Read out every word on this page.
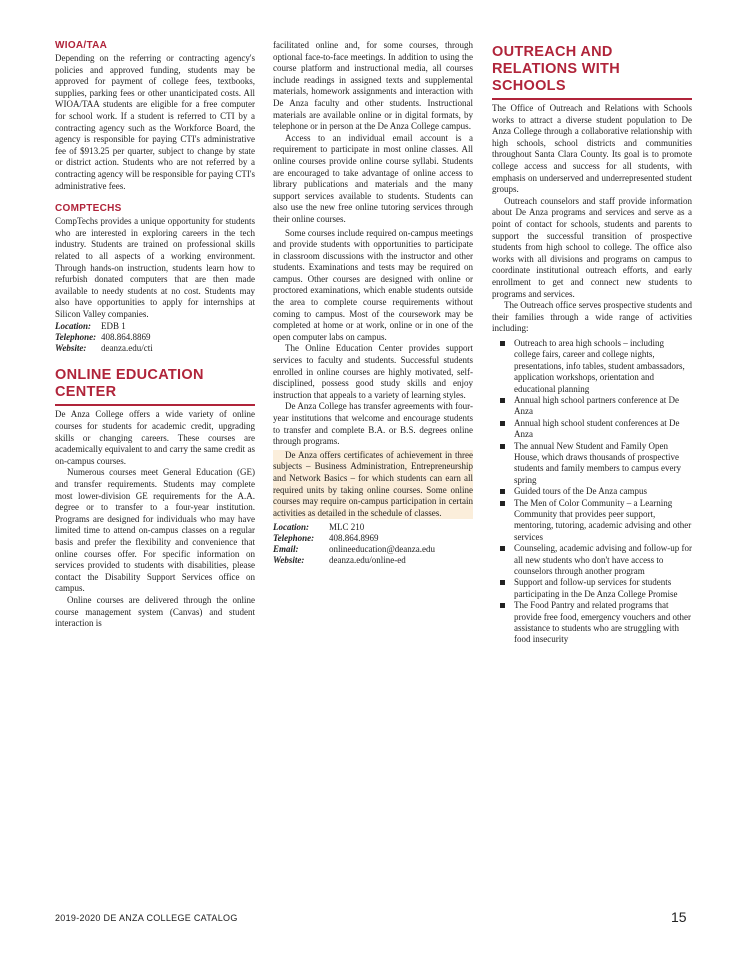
WIOA/TAA

Depending on the referring or contracting agency's policies and approved funding, students may be approved for payment of college fees, textbooks, supplies, parking fees or other unanticipated costs. All WIOA/TAA students are eligible for a free computer for school work. If a student is referred to CTI by a contracting agency such as the Workforce Board, the agency is responsible for paying CTI's administrative fee of $913.25 per quarter, subject to change by state or district action. Students who are not referred by a contracting agency will be responsible for paying CTI's administrative fees.

COMPTECHS

CompTechs provides a unique opportunity for students who are interested in exploring careers in the tech industry. Students are trained on professional skills related to all aspects of a working environment. Through hands-on instruction, students learn how to refurbish donated computers that are then made available to needy students at no cost. Students may also have opportunities to apply for internships at Silicon Valley companies.

Location:	EDB 1
Telephone: 408.864.8869
Website:	deanza.edu/cti
ONLINE EDUCATION CENTER

De Anza College offers a wide variety of online courses for students for academic credit, upgrading skills or changing careers. These courses are academically equivalent to and carry the same credit as on-campus courses.

Numerous courses meet General Education (GE) and transfer requirements. Students may complete most lower-division GE requirements for the A.A. degree or to transfer to a four-year institution. Programs are designed for individuals who may have limited time to attend on-campus classes on a regular basis and prefer the flexibility and convenience that online courses offer. For specific information on services provided to students with disabilities, please contact the Disability Support Services office on campus.

Online courses are delivered through the online course management system (Canvas) and student interaction is

facilitated online and, for some courses, through optional face-to-face meetings. In addition to using the course platform and instructional media, all courses include readings in assigned texts and supplemental materials, homework assignments and interaction with De Anza faculty and other students. Instructional materials are available online or in digital formats, by telephone or in person at the De Anza College campus.

Access to an individual email account is a requirement to participate in most online classes. All online courses provide online course syllabi. Students are encouraged to take advantage of online access to library publications and materials and the many support services available to students. Students can also use the new free online tutoring services through their online courses.

Some courses include required on-campus meetings and provide students with opportunities to participate in classroom discussions with the instructor and other students. Examinations and tests may be required on campus. Other courses are designed with online or proctored examinations, which enable students outside the area to complete course requirements without coming to campus. Most of the coursework may be completed at home or at work, online or in one of the open computer labs on campus.

The Online Education Center provides support services to faculty and students. Successful students enrolled in online courses are highly motivated, self-disciplined, possess good study skills and enjoy instruction that appeals to a variety of learning styles.

De Anza College has transfer agreements with four-year institutions that welcome and encourage students to transfer and complete B.A. or B.S. degrees online through programs.

De Anza offers certificates of achievement in three subjects – Business Administration, Entrepreneurship and Network Basics – for which students can earn all required units by taking online courses. Some online courses may require on-campus participation in certain activities as detailed in the schedule of classes.

Location:	MLC 210
Telephone:	408.864.8969
Email:	onlineeducation@deanza.edu
Website:	deanza.edu/online-ed
OUTREACH AND RELATIONS WITH SCHOOLS

The Office of Outreach and Relations with Schools works to attract a diverse student population to De Anza College through a collaborative relationship with high schools, school districts and communities throughout Santa Clara County. Its goal is to promote college access and success for all students, with emphasis on underserved and underrepresented student groups.

Outreach counselors and staff provide information about De Anza programs and services and serve as a point of contact for schools, students and parents to support the successful transition of prospective students from high school to college. The office also works with all divisions and programs on campus to coordinate institutional outreach efforts, and early enrollment to get and connect new students to programs and services.

The Outreach office serves prospective students and their families through a wide range of activities including:

Outreach to area high schools – including college fairs, career and college nights, presentations, info tables, student ambassadors, application workshops, orientation and educational planning
Annual high school partners conference at De Anza
Annual high school student conferences at De Anza
The annual New Student and Family Open House, which draws thousands of prospective students and family members to campus every spring
Guided tours of the De Anza campus
The Men of Color Community – a Learning Community that provides peer support, mentoring, tutoring, academic advising and other services
Counseling, academic advising and follow-up for all new students who don't have access to counselors through another program
Support and follow-up services for students participating in the De Anza College Promise
The Food Pantry and related programs that provide free food, emergency vouchers and other assistance to students who are struggling with food insecurity
2019-2020 DE ANZA COLLEGE CATALOG	15
